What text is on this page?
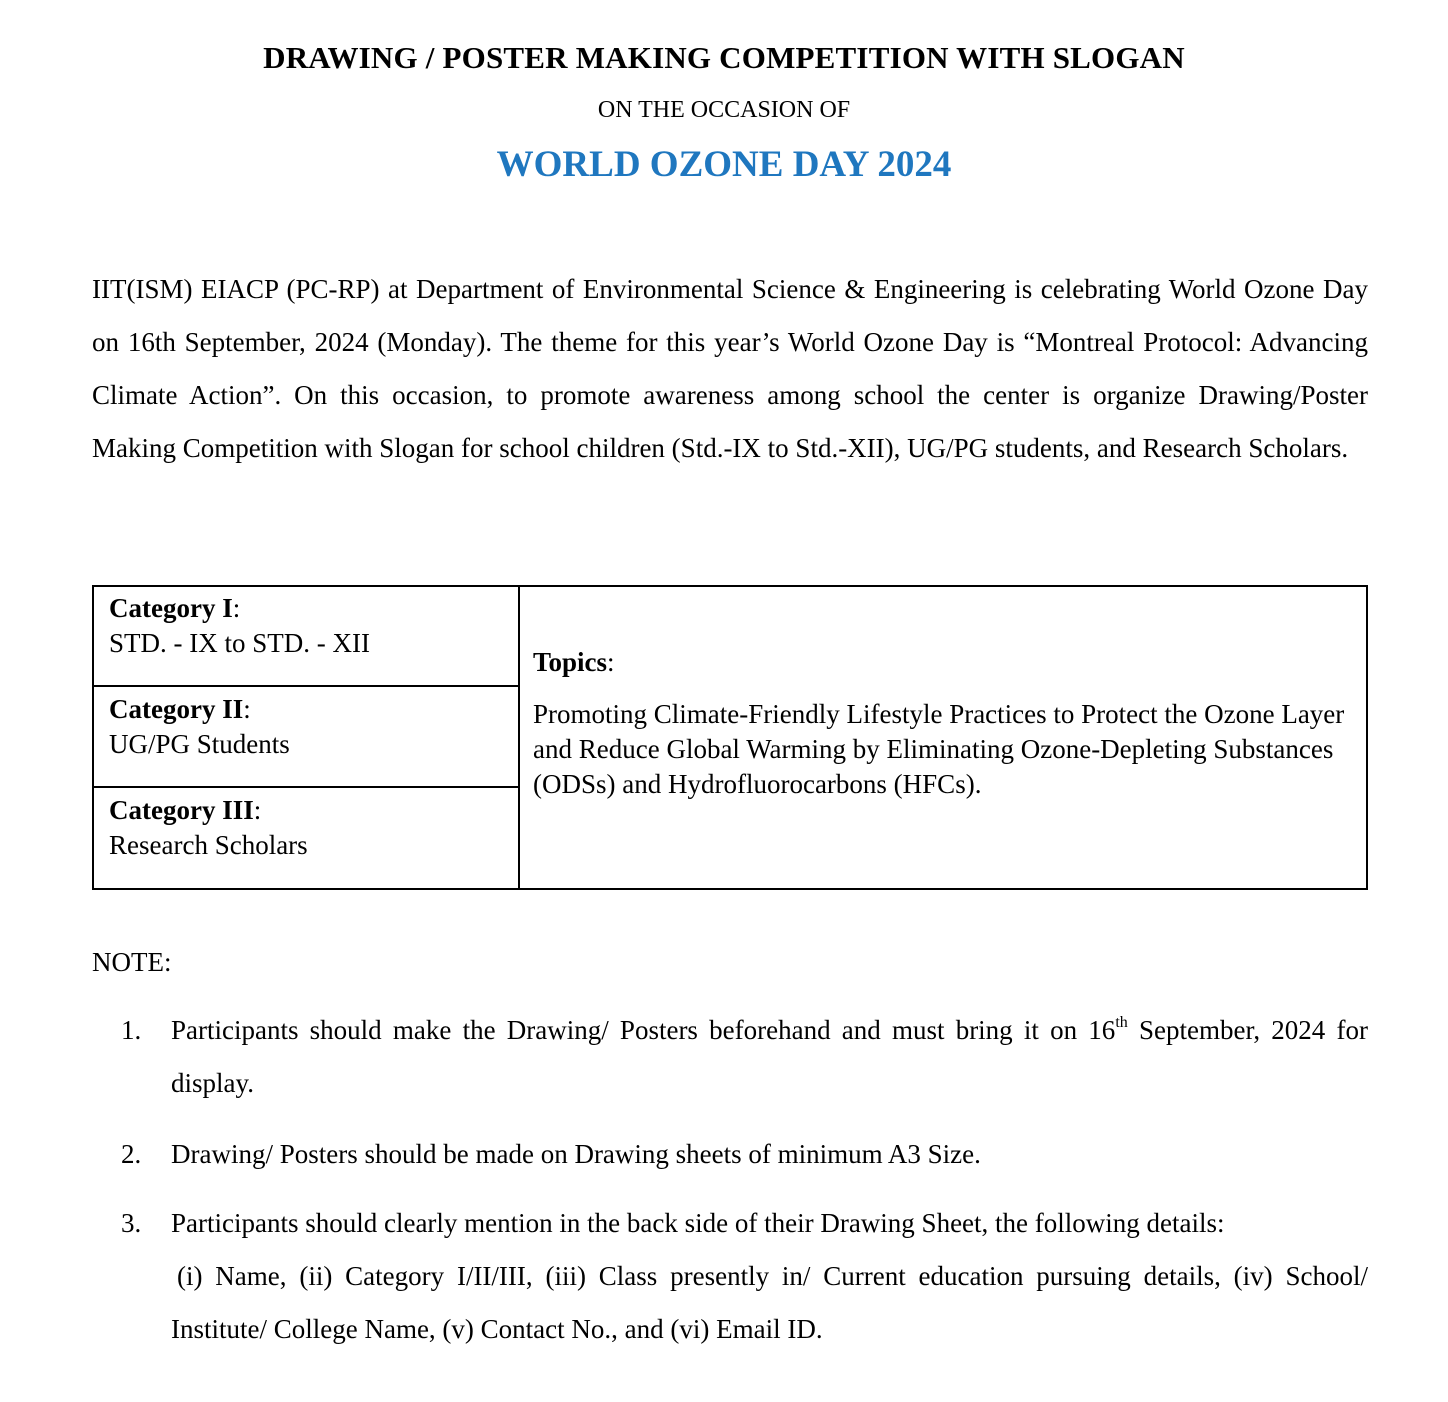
DRAWING / POSTER MAKING COMPETITION WITH SLOGAN
ON THE OCCASION OF
WORLD OZONE DAY 2024

IIT(ISM) EIACP (PC-RP) at Department of Environmental Science & Engineering is celebrating World Ozone Day on 16th September, 2024 (Monday). The theme for this year’s World Ozone Day is “Montreal Protocol: Advancing Climate Action”. On this occasion, to promote awareness among school the center is organize Drawing/Poster Making Competition with Slogan for school children (Std.-IX to Std.-XII), UG/PG students, and Research Scholars.

Category I:
STD. - IX to STD. - XII
Category II:
UG/PG Students
Category III:
Research Scholars
Topics:

Promoting Climate-Friendly Lifestyle Practices to Protect the Ozone Layer and Reduce Global Warming by Eliminating Ozone-Depleting Substances (ODSs) and Hydrofluorocarbons (HFCs).

NOTE:
1. Participants should make the Drawing/ Posters beforehand and must bring it on 16th September, 2024 for display.

2. Drawing/ Posters should be made on Drawing sheets of minimum A3 Size.

3. Participants should clearly mention in the back side of their Drawing Sheet, the following details:
(i) Name, (ii) Category I/II/III, (iii) Class presently in/ Current education pursuing details, (iv) School/ Institute/ College Name, (v) Contact No., and (vi) Email ID.
